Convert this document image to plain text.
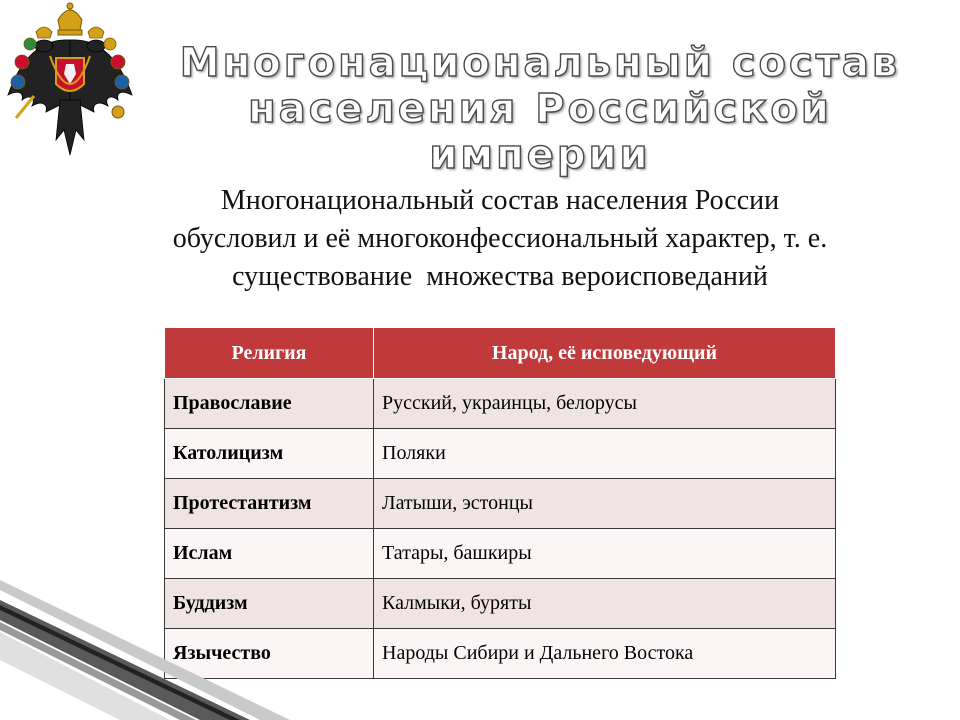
Многонациональный состав
населения Российской империи
Многонациональный состав населения России
обусловил и её многоконфессиональный характер, т. е.
существование  множества вероисповеданий
Религия	Народ, её исповедующий
Православие	Русский, украинцы, белорусы
Католицизм	Поляки
Протестантизм	Латыши, эстонцы
Ислам	Татары, башкиры
Буддизм	Калмыки, буряты
Язычество	Народы Сибири и Дальнего Востока
